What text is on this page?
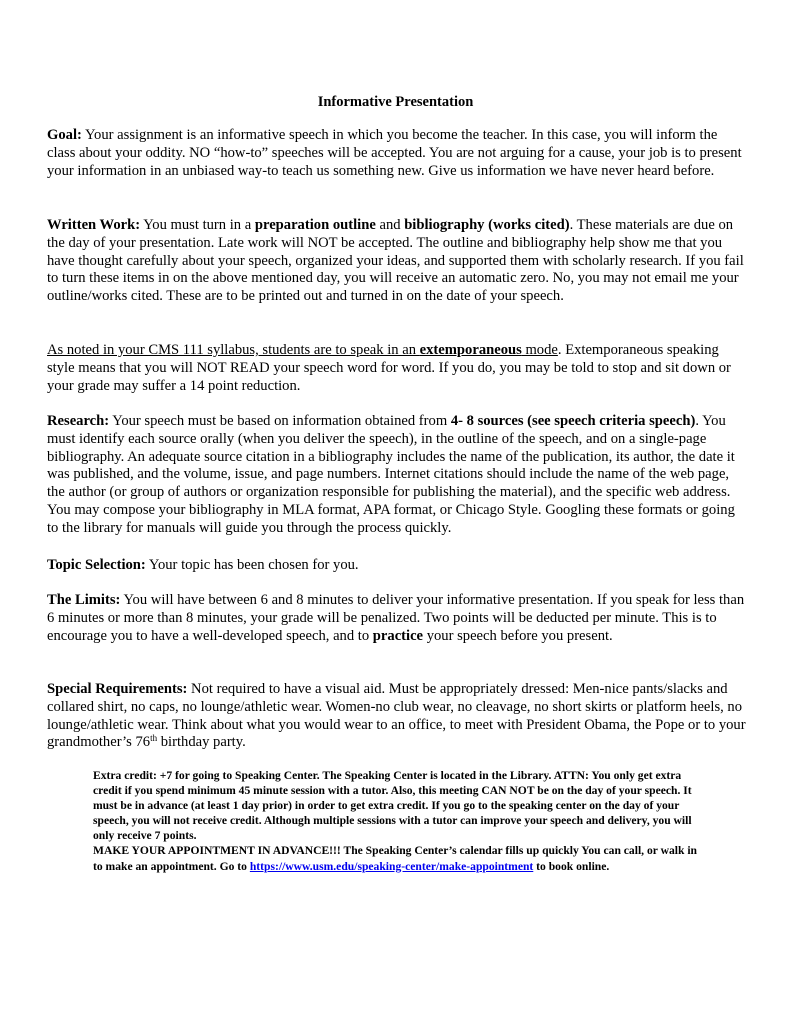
Informative Presentation

Goal: Your assignment is an informative speech in which you become the teacher. In this case, you will inform the class about your oddity. NO “how-to” speeches will be accepted. You are not arguing for a cause, your job is to present your information in an unbiased way-to teach us something new. Give us information we have never heard before.

Written Work: You must turn in a preparation outline and bibliography (works cited). These materials are due on the day of your presentation. Late work will NOT be accepted. The outline and bibliography help show me that you have thought carefully about your speech, organized your ideas, and supported them with scholarly research. If you fail to turn these items in on the above mentioned day, you will receive an automatic zero. No, you may not email me your outline/works cited. These are to be printed out and turned in on the date of your speech.

As noted in your CMS 111 syllabus, students are to speak in an extemporaneous mode. Extemporaneous speaking style means that you will NOT READ your speech word for word. If you do, you may be told to stop and sit down or your grade may suffer a 14 point reduction.

Research: Your speech must be based on information obtained from 4- 8 sources (see speech criteria speech). You must identify each source orally (when you deliver the speech), in the outline of the speech, and on a single-page bibliography. An adequate source citation in a bibliography includes the name of the publication, its author, the date it was published, and the volume, issue, and page numbers. Internet citations should include the name of the web page, the author (or group of authors or organization responsible for publishing the material), and the specific web address. You may compose your bibliography in MLA format, APA format, or Chicago Style. Googling these formats or going to the library for manuals will guide you through the process quickly.

Topic Selection: Your topic has been chosen for you.

The Limits: You will have between 6 and 8 minutes to deliver your informative presentation. If you speak for less than 6 minutes or more than 8 minutes, your grade will be penalized. Two points will be deducted per minute. This is to encourage you to have a well-developed speech, and to practice your speech before you present.

Special Requirements: Not required to have a visual aid. Must be appropriately dressed: Men-nice pants/slacks and collared shirt, no caps, no lounge/athletic wear. Women-no club wear, no cleavage, no short skirts or platform heels, no lounge/athletic wear. Think about what you would wear to an office, to meet with President Obama, the Pope or to your grandmother’s 76th birthday party.

Extra credit: +7 for going to Speaking Center. The Speaking Center is located in the Library. ATTN: You only get extra credit if you spend minimum 45 minute session with a tutor. Also, this meeting CAN NOT be on the day of your speech. It must be in advance (at least 1 day prior) in order to get extra credit. If you go to the speaking center on the day of your speech, you will not receive credit. Although multiple sessions with a tutor can improve your speech and delivery, you will only receive 7 points.
MAKE YOUR APPOINTMENT IN ADVANCE!!! The Speaking Center’s calendar fills up quickly You can call, or walk in to make an appointment. Go to https://www.usm.edu/speaking-center/make-appointment to book online.
